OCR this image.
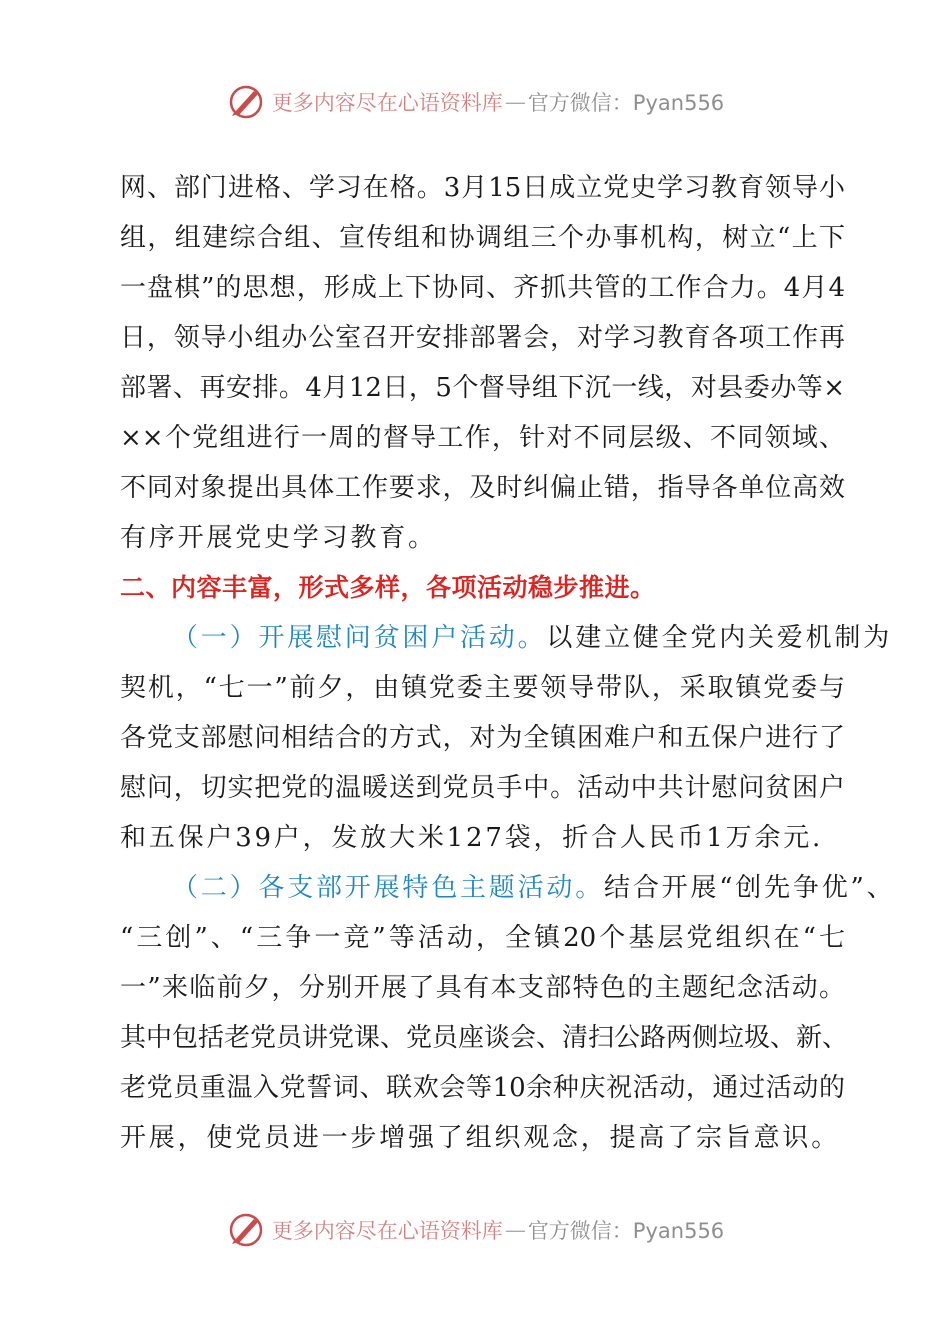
更多内容尽在心语资料库 — 官方微信：Pyan556
网、部门进格、学习在格。3月15日成立党史学习教育领导小
组，组建综合组、宣传组和协调组三个办事机构，树立“上下
一盘棋”的思想，形成上下协同、齐抓共管的工作合力。4月4
日，领导小组办公室召开安排部署会，对学习教育各项工作再
部署、再安排。4月12日，5个督导组下沉一线，对县委办等×
××个党组进行一周的督导工作，针对不同层级、不同领域、
不同对象提出具体工作要求，及时纠偏止错，指导各单位高效
有序开展党史学习教育。
二、内容丰富，形式多样，各项活动稳步推进。
（一）开展慰问贫困户活动。以建立健全党内关爱机制为
契机，“七一”前夕，由镇党委主要领导带队，采取镇党委与
各党支部慰问相结合的方式，对为全镇困难户和五保户进行了
慰问，切实把党的温暖送到党员手中。活动中共计慰问贫困户
和五保户39户，发放大米127袋，折合人民币1万余元.
（二）各支部开展特色主题活动。结合开展“创先争优”、
“三创”、“三争一竞”等活动，全镇20个基层党组织在“七
一”来临前夕，分别开展了具有本支部特色的主题纪念活动。
其中包括老党员讲党课、党员座谈会、清扫公路两侧垃圾、新、
老党员重温入党誓词、联欢会等10余种庆祝活动，通过活动的
开展，使党员进一步增强了组织观念，提高了宗旨意识。
更多内容尽在心语资料库 — 官方微信：Pyan556
